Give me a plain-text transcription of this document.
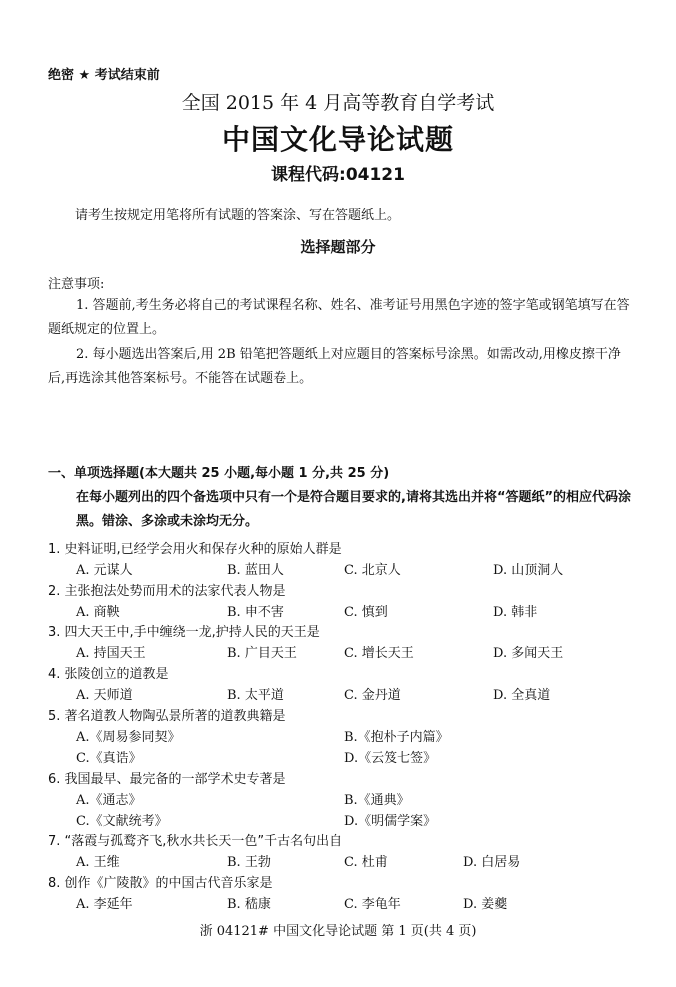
绝密 ★ 考试结束前
全国 2015 年 4 月高等教育自学考试
中国文化导论试题
课程代码:04121
请考生按规定用笔将所有试题的答案涂、写在答题纸上。
选择题部分
注意事项:
1. 答题前,考生务必将自己的考试课程名称、姓名、准考证号用黑色字迹的签字笔或钢笔填写在答题纸规定的位置上。
2. 每小题选出答案后,用 2B 铅笔把答题纸上对应题目的答案标号涂黑。如需改动,用橡皮擦干净后,再选涂其他答案标号。不能答在试题卷上。
一、单项选择题(本大题共 25 小题,每小题 1 分,共 25 分)
在每小题列出的四个备选项中只有一个是符合题目要求的,请将其选出并将“答题纸”的相应代码涂黑。错涂、多涂或未涂均无分。
1. 史料证明,已经学会用火和保存火种的原始人群是
A. 元谋人	B. 蓝田人	C. 北京人	D. 山顶洞人
2. 主张抱法处势而用术的法家代表人物是
A. 商鞅	B. 申不害	C. 慎到	D. 韩非
3. 四大天王中,手中缠绕一龙,护持人民的天王是
A. 持国天王	B. 广目天王	C. 增长天王	D. 多闻天王
4. 张陵创立的道教是
A. 天师道	B. 太平道	C. 金丹道	D. 全真道
5. 著名道教人物陶弘景所著的道教典籍是
A.《周易参同契》	B.《抱朴子内篇》
C.《真诰》	D.《云笈七签》
6. 我国最早、最完备的一部学术史专著是
A.《通志》	B.《通典》
C.《文献统考》	D.《明儒学案》
7. “落霞与孤鹜齐飞,秋水共长天一色”千古名句出自
A. 王维	B. 王勃	C. 杜甫	D. 白居易
8. 创作《广陵散》的中国古代音乐家是
A. 李延年	B. 嵇康	C. 李龟年	D. 姜夔
浙 04121# 中国文化导论试题 第 1 页(共 4 页)
